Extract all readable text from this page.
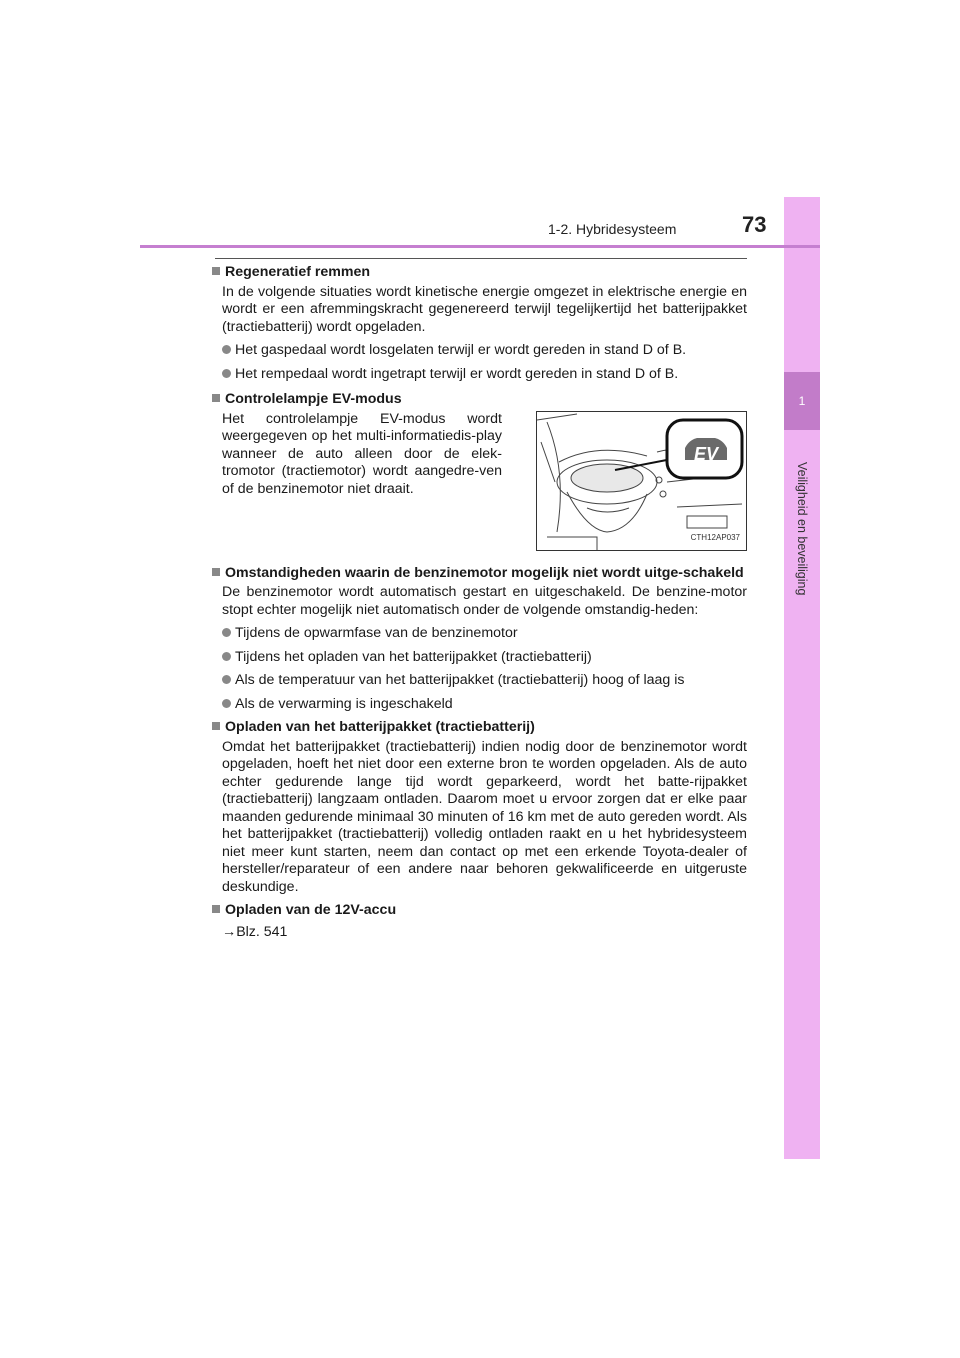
1
Veiligheid en beveiliging
1-2. Hybridesysteem	73
Regeneratief remmen
In de volgende situaties wordt kinetische energie omgezet in elektrische energie en wordt er een afremmingskracht gegenereerd terwijl tegelijkertijd het batterijpakket (tractiebatterij) wordt opgeladen.
Het gaspedaal wordt losgelaten terwijl er wordt gereden in stand D of B.
Het rempedaal wordt ingetrapt terwijl er wordt gereden in stand D of B.
Controlelampje EV-modus
Het controlelampje EV-modus wordt weergegeven op het multi-informatiedis-play wanneer de auto alleen door de elek-tromotor (tractiemotor) wordt aangedre-ven of de benzinemotor niet draait.
EV
CTH12AP037
Omstandigheden waarin de benzinemotor mogelijk niet wordt uitge-schakeld
De benzinemotor wordt automatisch gestart en uitgeschakeld. De benzine-motor stopt echter mogelijk niet automatisch onder de volgende omstandig-heden:
Tijdens de opwarmfase van de benzinemotor
Tijdens het opladen van het batterijpakket (tractiebatterij)
Als de temperatuur van het batterijpakket (tractiebatterij) hoog of laag is
Als de verwarming is ingeschakeld
Opladen van het batterijpakket (tractiebatterij)
Omdat het batterijpakket (tractiebatterij) indien nodig door de benzinemotor wordt opgeladen, hoeft het niet door een externe bron te worden opgeladen. Als de auto echter gedurende lange tijd wordt geparkeerd, wordt het batte-rijpakket (tractiebatterij) langzaam ontladen. Daarom moet u ervoor zorgen dat er elke paar maanden gedurende minimaal 30 minuten of 16 km met de auto gereden wordt. Als het batterijpakket (tractiebatterij) volledig ontladen raakt en u het hybridesysteem niet meer kunt starten, neem dan contact op met een erkende Toyota-dealer of hersteller/reparateur of een andere naar behoren gekwalificeerde en uitgeruste deskundige.
Opladen van de 12V-accu
→Blz. 541
